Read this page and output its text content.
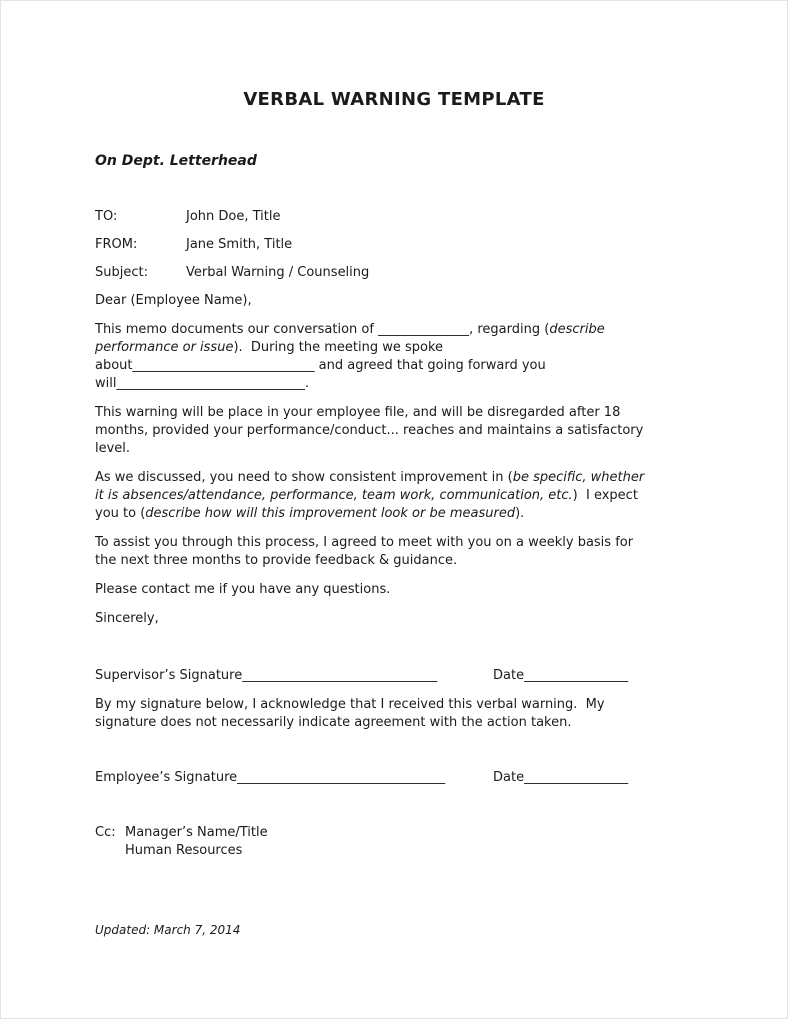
VERBAL WARNING TEMPLATE
On Dept. Letterhead
TO:	John Doe, Title
FROM:	Jane Smith, Title
Subject:	Verbal Warning / Counseling
Dear (Employee Name),

This memo documents our conversation of ______________, regarding (describe
performance or issue).  During the meeting we spoke
about____________________________ and agreed that going forward you
will_____________________________.

This warning will be place in your employee file, and will be disregarded after 18
months, provided your performance/conduct... reaches and maintains a satisfactory
level.

As we discussed, you need to show consistent improvement in (be specific, whether
it is absences/attendance, performance, team work, communication, etc.)  I expect
you to (describe how will this improvement look or be measured).

To assist you through this process, I agreed to meet with you on a weekly basis for
the next three months to provide feedback & guidance.

Please contact me if you have any questions.

Sincerely,

Supervisor’s Signature______________________________	Date________________

By my signature below, I acknowledge that I received this verbal warning.  My
signature does not necessarily indicate agreement with the action taken.

Employee’s Signature________________________________	Date________________
Cc: Manager’s Name/Title
Human Resources
Updated: March 7, 2014
